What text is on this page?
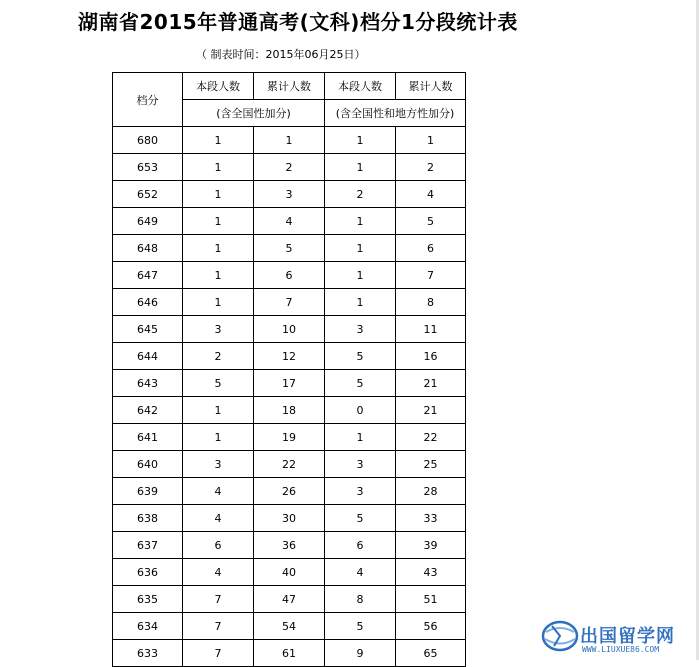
湖南省2015年普通高考(文科)档分1分段统计表
（ 制表时间：2015年06月25日）
档分	本段人数	累计人数	本段人数	累计人数
	(含全国性加分)		(含全国性和地方性加分)	
680	1	1	1	1
653	1	2	1	2
652	1	3	2	4
649	1	4	1	5
648	1	5	1	6
647	1	6	1	7
646	1	7	1	8
645	3	10	3	11
644	2	12	5	16
643	5	17	5	21
642	1	18	0	21
641	1	19	1	22
640	3	22	3	25
639	4	26	3	28
638	4	30	5	33
637	6	36	6	39
636	4	40	4	43
635	7	47	8	51
634	7	54	5	56
633	7	61	9	65
出国留学网
WWW.LIUXUE86.COM
